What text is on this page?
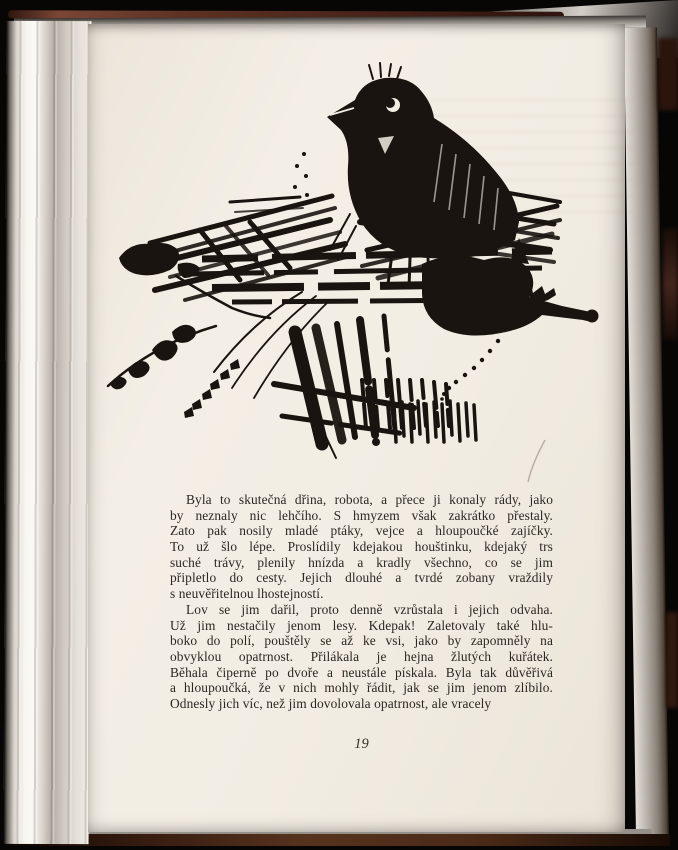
Byla to skutečná dřina, robota, a přece ji konaly rády, jako
by neznaly nic lehčího. S hmyzem však zakrátko přestaly.
Zato pak nosily mladé ptáky, vejce a hloupoučké zajíčky.
To už šlo lépe. Proslídily kdejakou houštinku, kdejaký trs
suché trávy, plenily hnízda a kradly všechno, co se jim
připletlo do cesty. Jejich dlouhé a tvrdé zobany vraždily
s neuvěřitelnou lhostejností.
Lov se jim dařil, proto denně vzrůstala i jejich odvaha.
Už jim nestačily jenom lesy. Kdepak! Zaletovaly také hlu-
boko do polí, pouštěly se až ke vsi, jako by zapomněly na
obvyklou opatrnost. Přilákala je hejna žlutých kuřátek.
Běhala čiperně po dvoře a neustále pískala. Byla tak důvěřivá
a hloupoučká, že v nich mohly řádit, jak se jim jenom zlíbilo.
Odnesly jich víc, než jim dovolovala opatrnost, ale vracely
19
